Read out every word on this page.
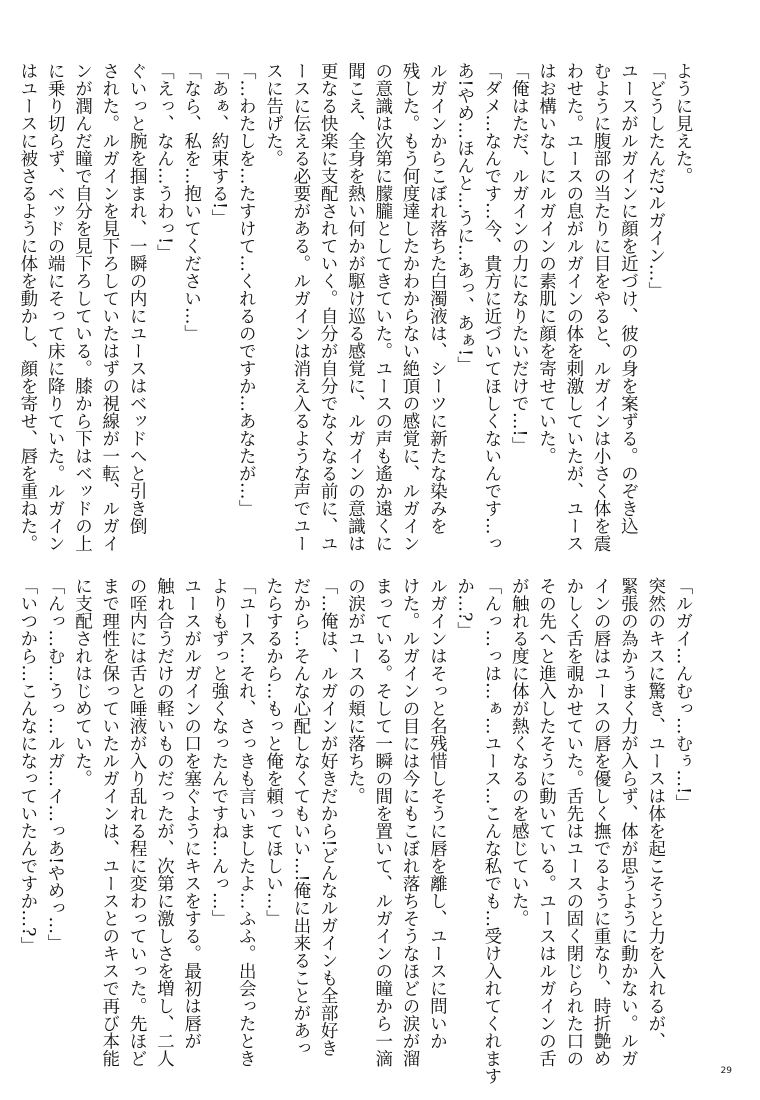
ように見えた。

「どうしたんだ?ルガイン…」

ユースがルガインに顔を近づけ、彼の身を案ずる。のぞき込

むように腹部の当たりに目をやると、ルガインは小さく体を震

わせた。ユースの息がルガインの体を刺激していたが、ユース

はお構いなしにルガインの素肌に顔を寄せていた。

「俺はただ、ルガインの力になりたいだけで…!」

「ダメ…なんです…今、貴方に近づいてほしくないんです…っ

あ!やめ…ほんと…うに…あっ、あぁ!」

ルガインからこぼれ落ちた白濁液は、シーツに新たな染みを

残した。もう何度達したかわからない絶頂の感覚に、ルガイン

の意識は次第に朦朧としてきていた。ユースの声も遙か遠くに

聞こえ、全身を熱い何かが駆け巡る感覚に、ルガインの意識は

更なる快楽に支配されていく。自分が自分でなくなる前に、ユ

ースに伝える必要がある。ルガインは消え入るような声でユー

スに告げた。

「…わたしを…たすけて…くれるのですか…あなたが…」

「あぁ、約束する!」

「なら、私を…抱いてください…」

「えっ、なん…うわっ!」

ぐいっと腕を掴まれ、一瞬の内にユースはベッドへと引き倒

された。ルガインを見下ろしていたはずの視線が一転、ルガイ

ンが潤んだ瞳で自分を見下ろしている。膝から下はベッドの上

に乗り切らず、ベッドの端にそって床に降りていた。ルガイン

はユースに被さるように体を動かし、顔を寄せ、唇を重ねた。

「ルガイ…んむっ…むぅ…!」

突然のキスに驚き、ユースは体を起こそうと力を入れるが、

緊張の為かうまく力が入らず、体が思うように動かない。ルガ

インの唇はユースの唇を優しく撫でるように重なり、時折艶め

かしく舌を覗かせていた。舌先はユースの固く閉じられた口の

その先へと進入したそうに動いている。ユースはルガインの舌

が触れる度に体が熱くなるのを感じていた。

「んっ…っは…ぁ…ユース…こんな私でも…受け入れてくれます

か…?」

ルガインはそっと名残惜しそうに唇を離し、ユースに問いか

けた。ルガインの目には今にもこぼれ落ちそうなほどの涙が溜

まっている。そして一瞬の間を置いて、ルガインの瞳から一滴

の涙がユースの頬に落ちた。

「…俺は、ルガインが好きだから!どんなルガインも全部好き

だから…そんな心配しなくてもいい…!俺に出来ることがあっ

たらするから…もっと俺を頼ってほしい…」

「ユース…それ、さっきも言いましたよ…ふふ。出会ったとき

よりもずっと強くなったんですね…んっ…」

ユースがルガインの口を塞ぐようにキスをする。最初は唇が

触れ合うだけの軽いものだったが、次第に激しさを増し、二人

の咥内には舌と唾液が入り乱れる程に変わっていった。先ほど

まで理性を保っていたルガインは、ユースとのキスで再び本能

に支配されはじめていた。

「んっ…む…うっ…ルガ…イ…っあ!やめっ…」

「いつから…こんなになっていたんですか…?」

29
